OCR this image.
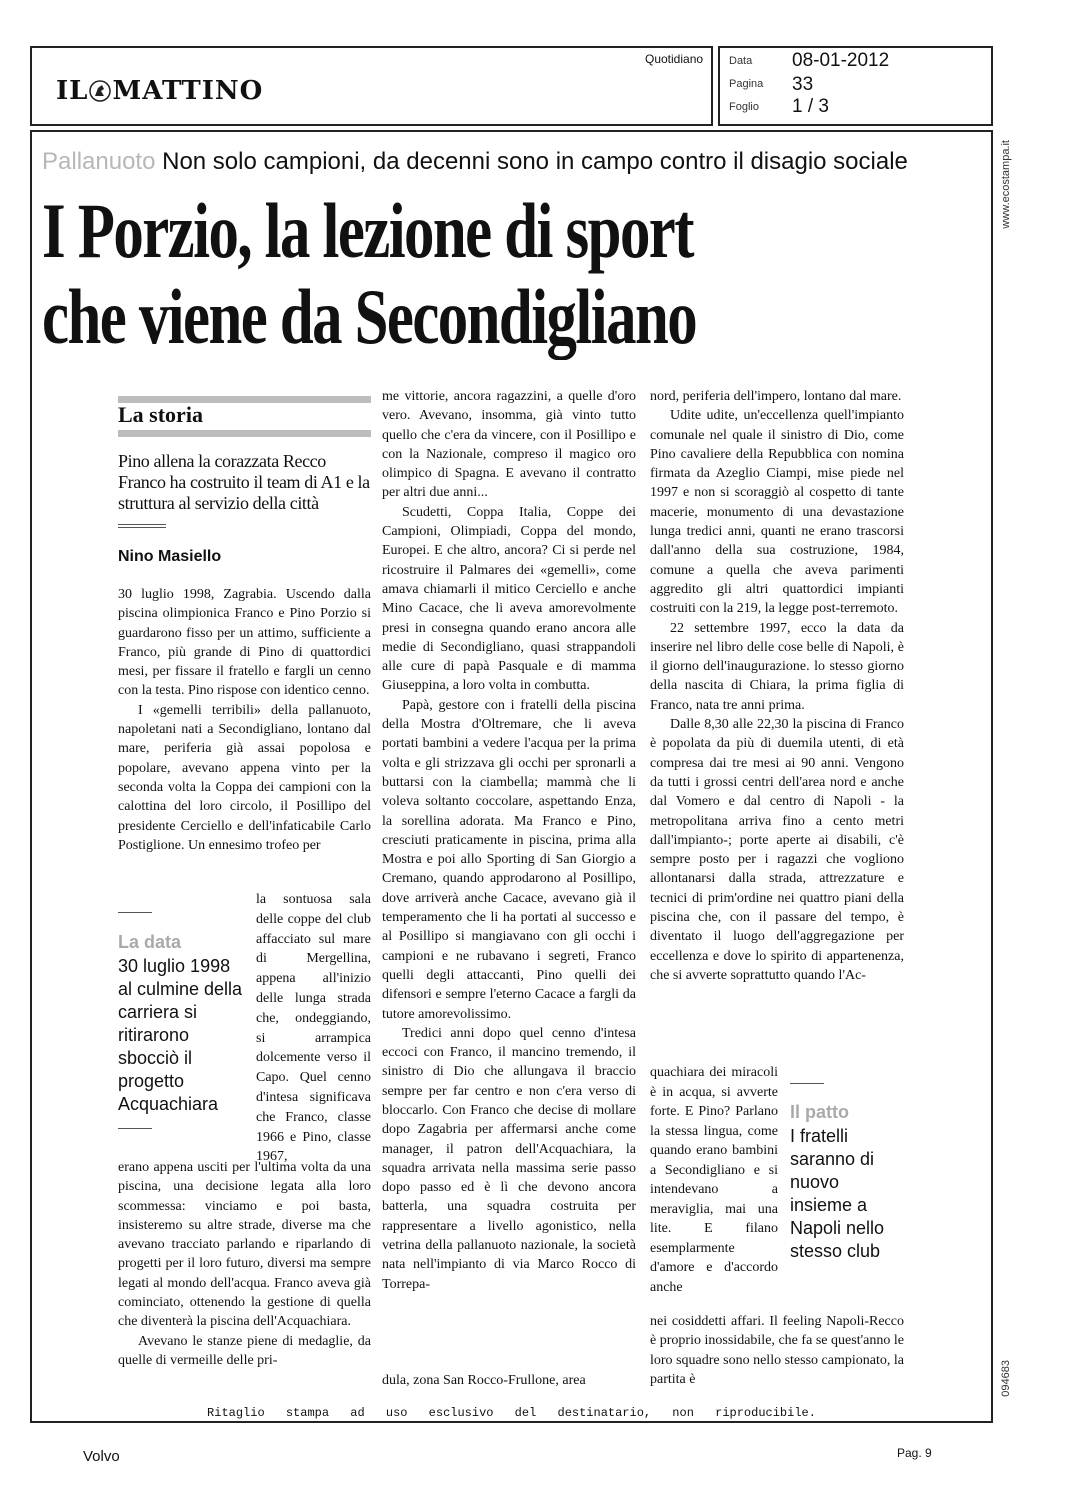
IL MATTINO
Quotidiano Data 08-01-2012
Pagina 33
Foglio 1 / 3
Pallanuoto Non solo campioni, da decenni sono in campo contro il disagio sociale
I Porzio, la lezione di sport
che viene da Secondigliano
La storia
Pino allena la corazzata Recco Franco ha costruito il team di A1 e la struttura al servizio della città
Nino Masiello

30 luglio 1998, Zagrabia. Uscendo dalla piscina olimpionica Franco e Pino Porzio si guardarono fisso per un attimo, sufficiente a Franco, più grande di Pino di quattordici mesi, per fissare il fratello e fargli un cenno con la testa. Pino rispose con identico cenno.

I «gemelli terribili» della pallanuoto, napoletani nati a Secondigliano, lontano dal mare, periferia già assai popolosa e popolare, avevano appena vinto per la seconda volta la Coppa dei campioni con la calottina del loro circolo, il Posillipo del presidente Cerciello e dell'infaticabile Carlo Postiglione. Un ennesimo trofeo per

la sontuosa sala delle coppe del club affacciato sul mare di Mergellina, appena all'inizio delle lunga strada che, ondeggiando, si arrampica dolcemente verso il Capo. Quel cenno d'intesa significava che Franco, classe 1966 e Pino, classe 1967,

erano appena usciti per l'ultima volta da una piscina, una decisione legata alla loro scommessa: vinciamo e poi basta, insisteremo su altre strade, diverse ma che avevano tracciato parlando e riparlando di progetti per il loro futuro, diversi ma sempre legati al mondo dell'acqua. Franco aveva già cominciato, ottenendo la gestione di quella che diventerà la piscina dell'Acquachiara.

Avevano le stanze piene di medaglie, da quelle di vermeille delle pri-

La data
30 luglio 1998 al culmine della carriera si ritirarono sbocciò il progetto Acquachiara

me vittorie, ancora ragazzini, a quelle d'oro vero. Avevano, insomma, già vinto tutto quello che c'era da vincere, con il Posillipo e con la Nazionale, compreso il magico oro olimpico di Spagna. E avevano il contratto per altri due anni...

Scudetti, Coppa Italia, Coppe dei Campioni, Olimpiadi, Coppa del mondo, Europei. E che altro, ancora? Ci si perde nel ricostruire il Palmares dei «gemelli», come amava chiamarli il mitico Cerciello e anche Mino Cacace, che li aveva amorevolmente presi in consegna quando erano ancora alle medie di Secondigliano, quasi strappandoli alle cure di papà Pasquale e di mamma Giuseppina, a loro volta in combutta.

Papà, gestore con i fratelli della piscina della Mostra d'Oltremare, che li aveva portati bambini a vedere l'acqua per la prima volta e gli strizzava gli occhi per spronarli a buttarsi con la ciambella; mammà che li voleva soltanto coccolare, aspettando Enza, la sorellina adorata. Ma Franco e Pino, cresciuti praticamente in piscina, prima alla Mostra e poi allo Sporting di San Giorgio a Cremano, quando approdarono al Posillipo, dove arriverà anche Cacace, avevano già il temperamento che li ha portati al successo e al Posillipo si mangiavano con gli occhi i campioni e ne rubavano i segreti, Franco quelli degli attaccanti, Pino quelli dei difensori e sempre l'eterno Cacace a fargli da tutore amorevolissimo.

Tredici anni dopo quel cenno d'intesa eccoci con Franco, il mancino tremendo, il sinistro di Dio che allungava il braccio sempre per far centro e non c'era verso di bloccarlo. Con Franco che decise di mollare dopo Zagabria per affermarsi anche come manager, il patron dell'Acquachiara, la squadra arrivata nella massima serie passo dopo passo ed è lì che devono ancora batterla, una squadra costruita per rappresentare a livello agonistico, nella vetrina della pallanuoto nazionale, la società nata nell'impianto di via Marco Rocco di Torrepa-

dula, zona San Rocco-Frullone, area

nord, periferia dell'impero, lontano dal mare.

Udite udite, un'eccellenza quell'impianto comunale nel quale il sinistro di Dio, come Pino cavaliere della Repubblica con nomina firmata da Azeglio Ciampi, mise piede nel 1997 e non si scoraggiò al cospetto di tante macerie, monumento di una devastazione lunga tredici anni, quanti ne erano trascorsi dall'anno della sua costruzione, 1984, comune a quella che aveva parimenti aggredito gli altri quattordici impianti costruiti con la 219, la legge post-terremoto.

22 settembre 1997, ecco la data da inserire nel libro delle cose belle di Napoli, è il giorno dell'inaugurazione. lo stesso giorno della nascita di Chiara, la prima figlia di Franco, nata tre anni prima.

Dalle 8,30 alle 22,30 la piscina di Franco è popolata da più di duemila utenti, di età compresa dai tre mesi ai 90 anni. Vengono da tutti i grossi centri dell'area nord e anche dal Vomero e dal centro di Napoli - la metropolitana arriva fino a cento metri dall'impianto-; porte aperte ai disabili, c'è sempre posto per i ragazzi che vogliono allontanarsi dalla strada, attrezzature e tecnici di prim'ordine nei quattro piani della piscina che, con il passare del tempo, è diventato il luogo dell'aggregazione per eccellenza e dove lo spirito di appartenenza, che si avverte soprattutto quando l'Ac-

quachiara dei miracoli è in acqua, si avverte forte. E Pino? Parlano la stessa lingua, come quando erano bambini a Secondigliano e si intendevano a meraviglia, mai una lite. E filano esemplarmente d'amore e d'accordo anche

nei cosiddetti affari. Il feeling Napoli-Recco è proprio inossidabile, che fa se quest'anno le loro squadre sono nello stesso campionato, la partita è

Il patto
I fratelli saranno di nuovo insieme a Napoli nello stesso club
www.ecostampa.it
094683
Ritaglio stampa ad uso esclusivo del destinatario, non riproducibile.
Volvo	Pag. 9
